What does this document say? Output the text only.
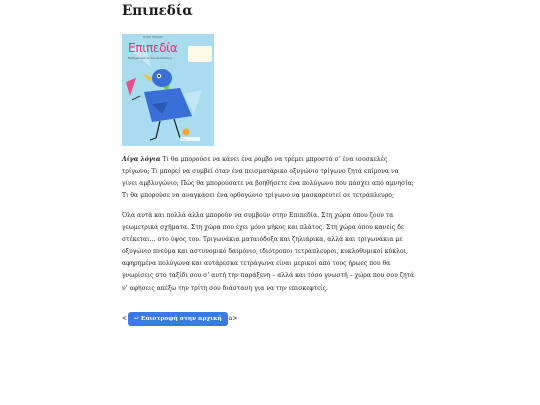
Επιπεδία
ΜΑΡΙΑ ΠΑΠΑΔΑ
Επιπεδία
Μαθηματικά σε δύο διαστάσεις

Λίγα λόγια Τι θα μπορούσε να κάνει ένα ρόμβο να τρέμει μπροστά σ’ ένα ισοσκελές τρίγωνο; Τι μπορεί να συμβεί όταν ένα πεισματάρικο οξυγώνιο τρίγωνο ζητά επίμονα να γίνει αμβλυγώνιο; Πώς θα μπορούσατε να βοηθήσετε ένα πολύγωνο που πάσχει από αμνησία; Τι θα μπορούσε να αναγκάσει ένα ορθογώνιο τρίγωνο να μασκαρευτεί σε τετράπλευρο;

Όλα αυτά και πολλά άλλα μπορούν να συμβούν στην Επιπεδία. Στη χώρα όπου ζουν τα γεωμετρικά σχήματα. Στη χώρα που έχει μόνο μήκος και πλάτος. Στη χώρα όπου κανείς δε στέκεται… στο ύψος του. Τριγωνάκια ματαιόδοξα και ζηλιάρικα, αλλά και τριγωνάκια με οξυγώνιο πνεύμα και αστυνομικό δαιμόνιο, ιδιότροποι τετράπλευροι, κυκλοθυμικοί κύκλοι, αφηρημένα πολύγωνα και αυτάρεσκα τετράγωνα είναι μερικοί από τους ήρωες που θα γνωρίσεις στο ταξίδι σου σ’ αυτή την παράξενη – αλλά και τόσο γνωστή – χώρα που σου ζητά ν’ αφήσεις απέξω την τρίτη σου διάσταση για να την επισκεφτείς.

< ↩ Επιστροφή στην αρχική a>
